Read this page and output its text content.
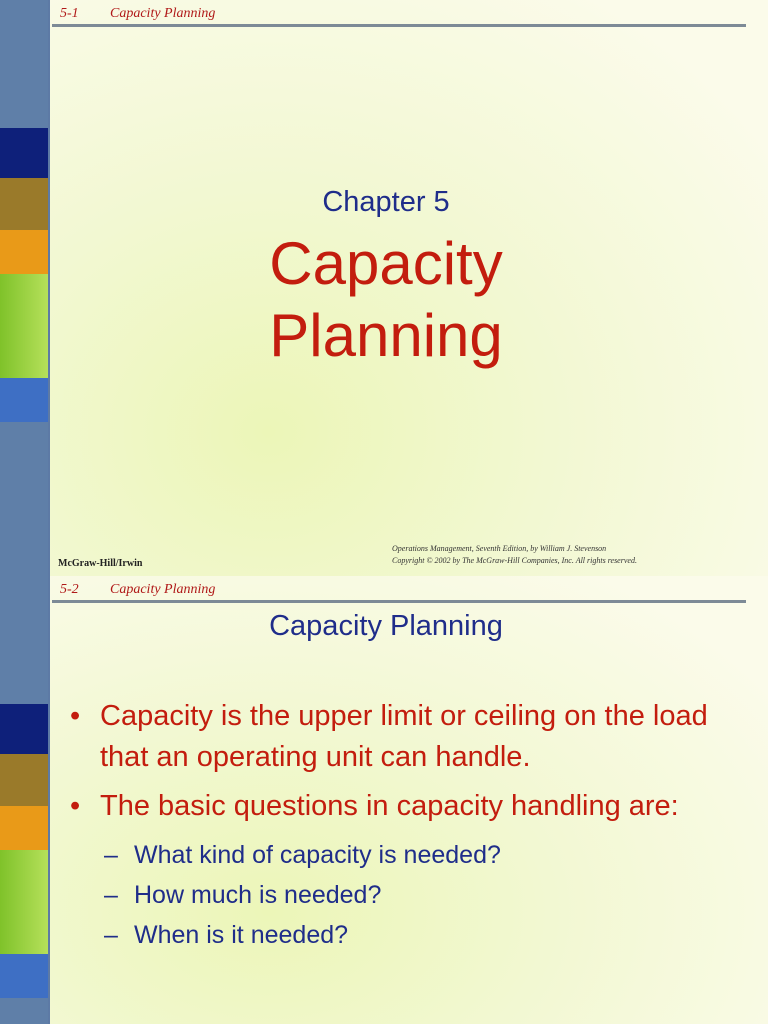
5-1 Capacity Planning
Chapter 5
Capacity
Planning
McGraw-Hill/Irwin
Operations Management, Seventh Edition, by William J. Stevenson
Copyright © 2002 by The McGraw-Hill Companies, Inc. All rights reserved.
5-2 Capacity Planning
Capacity Planning
• Capacity is the upper limit or ceiling on the load that an operating unit can handle.
• The basic questions in capacity handling are:
– What kind of capacity is needed?
– How much is needed?
– When is it needed?
